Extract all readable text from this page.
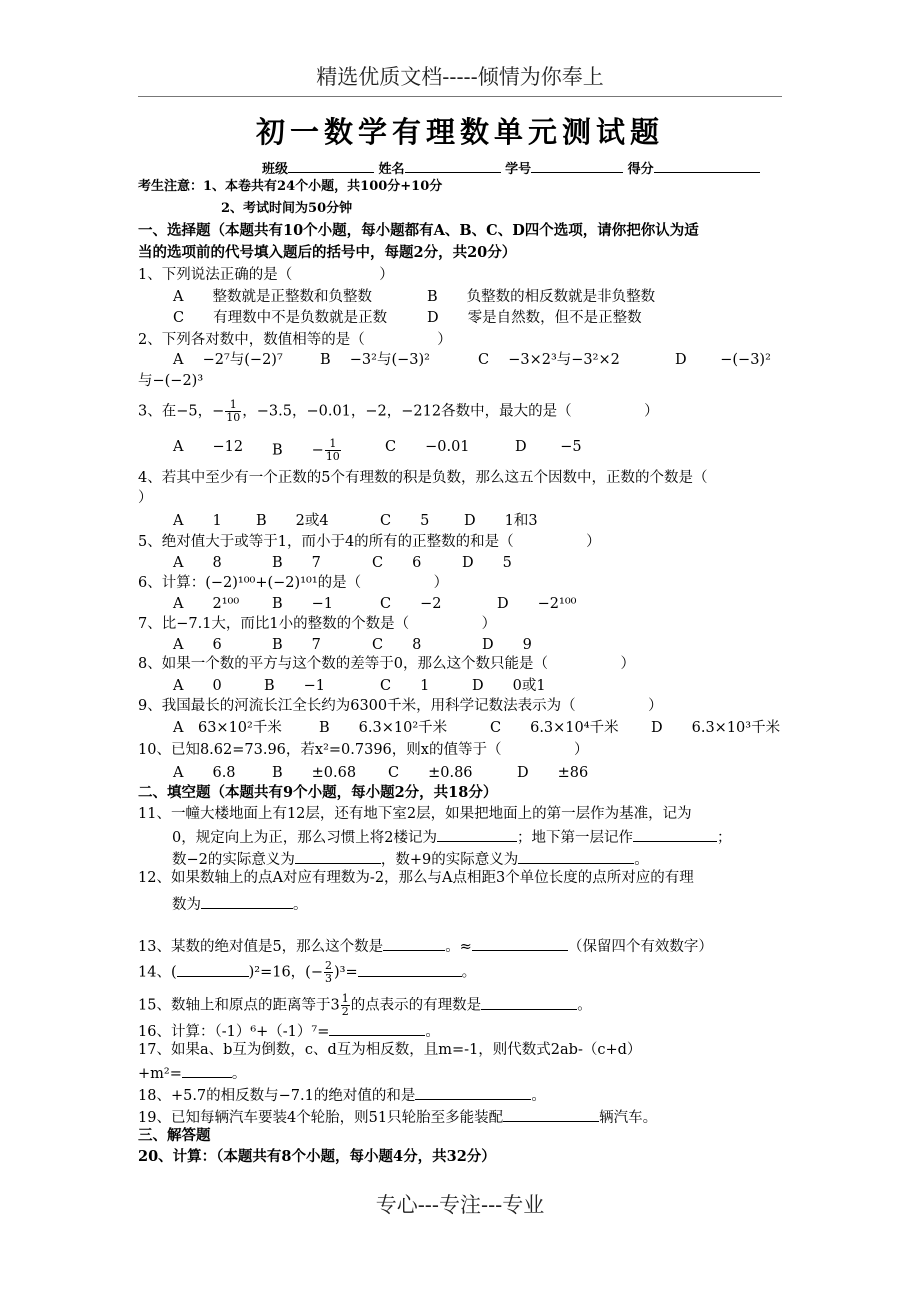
精选优质文档-----倾情为你奉上
初一数学有理数单元测试题
班级	姓名	学号	得分
考生注意：1、本卷共有24个小题，共100分+10分
2、考试时间为50分钟
一、选择题（本题共有10个小题，每小题都有A、B、C、D四个选项，请你把你认为适
当的选项前的代号填入题后的括号中，每题2分，共20分）
1、下列说法正确的是（　　　　　　）
A　　整数就是正整数和负整数	B　　负整数的相反数就是非负整数
C　　有理数中不是负数就是正数	D　　零是自然数，但不是正整数
2、下列各对数中，数值相等的是（　　　　　）
A　 −2⁷与(−2)⁷	B　 −3²与(−3)²	C　 −3×2³与−3²×2	D　　 −(−3)²
与−(−2)³
3、在−5，− $\frac{1}{10}$ ，−3.5，−0.01，−2，−212各数中，最大的是（　　　　　）
A　　−12 B　　− $\frac{1}{10}$	C　　−0.01	D　　 −5
4、若其中至少有一个正数的5个有理数的积是负数，那么这五个因数中，正数的个数是（
）
A　　1 B　　2或4	C　　5 D　　1和3
5、绝对值大于或等于1，而小于4的所有的正整数的和是（　　　　　）
A　　8	B　　7	C　　6	D　　5
6、计算：(−2)¹⁰⁰+(−2)¹⁰¹的是（　　　　　）
A　　2¹⁰⁰ B　　−1	C　　−2	D　　−2¹⁰⁰
7、比−7.1大，而比1小的整数的个数是（　　　　　）
A　　6	B　　7	C　　8	D　　9
8、如果一个数的平方与这个数的差等于0，那么这个数只能是（　　　　　）
A　　0	B　　−1	C　　1	D　　0或1
9、我国最长的河流长江全长约为6300千米，用科学记数法表示为（　　　　　）
A　63×10²千米	B　　6.3×10²千米	C　　6.3×10⁴千米 D　　6.3×10³千米
10、已知8.62=73.96，若x²=0.7396，则x的值等于（　　　　　）
A　　6.8	B　　±0.68 C　　±0.86	D　　±86
二、填空题（本题共有9个小题，每小题2分，共18分）
11、一幢大楼地面上有12层，还有地下室2层，如果把地面上的第一层作为基准，记为
0，规定向上为正，那么习惯上将2楼记为	；地下第一层记作	；
数−2的实际意义为	，数+9的实际意义为	。
12、如果数轴上的点A对应有理数为-2，那么与A点相距3个单位长度的点所对应的有理
数为	。
13、某数的绝对值是5，那么这个数是	。≈	（保留四个有效数字）
14、(	)²=16，(− $\frac{2}{3} )^3=$	。
15、数轴上和原点的距离等于$3 \frac{1}{2}$ 的点表示的有理数是	。
16、计算：（-1）⁶+（-1）⁷=	。
17、如果a、b互为倒数，c、d互为相反数，且m=-1，则代数式2ab-（c+d）
+m²=	。
18、+5.7的相反数与−7.1的绝对值的和是	。
19、已知每辆汽车要装4个轮胎，则51只轮胎至多能装配	辆汽车。
三、解答题
20、计算：（本题共有8个小题，每小题4分，共32分）
专心---专注---专业
